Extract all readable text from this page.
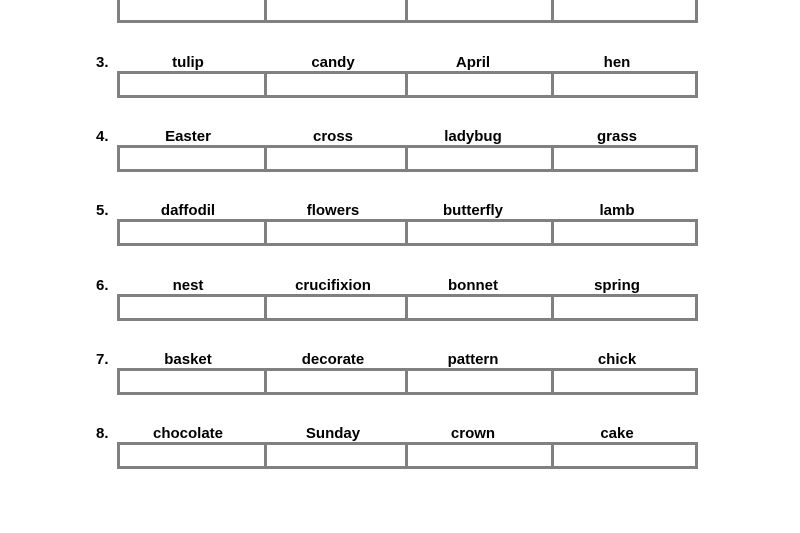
3.	tulip	candy	April	hen
4.	Easter	cross	ladybug	grass
5.	daffodil	flowers	butterfly	lamb
6.	nest	crucifixion	bonnet	spring
7.	basket	decorate	pattern	chick
8.	chocolate	Sunday	crown	cake
